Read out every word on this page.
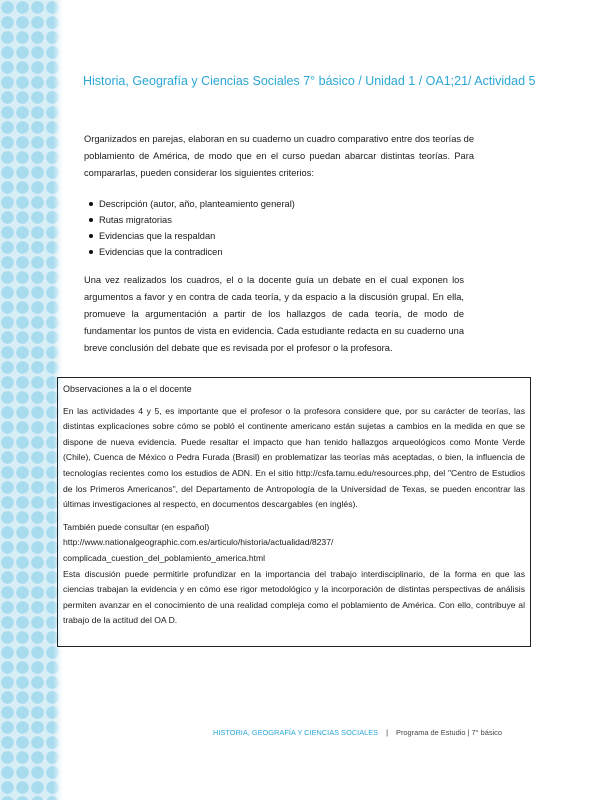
Historia, Geografía y Ciencias Sociales 7° básico / Unidad 1 / OA1;21/ Actividad 5

Organizados en parejas, elaboran en su cuaderno un cuadro comparativo entre dos teorías de poblamiento de América, de modo que en el curso puedan abarcar distintas teorías. Para compararlas, pueden considerar los siguientes criterios:

Descripción (autor, año, planteamiento general)
Rutas migratorias
Evidencias que la respaldan
Evidencias que la contradicen

Una vez realizados los cuadros, el o la docente guía un debate en el cual exponen los argumentos a favor y en contra de cada teoría, y da espacio a la discusión grupal. En ella, promueve la argumentación a partir de los hallazgos de cada teoría, de modo de fundamentar los puntos de vista en evidencia. Cada estudiante redacta en su cuaderno una breve conclusión del debate que es revisada por el profesor o la profesora.

Observaciones a la o el docente

En las actividades 4 y 5, es importante que el profesor o la profesora considere que, por su carácter de teorías, las distintas explicaciones sobre cómo se pobló el continente americano están sujetas a cambios en la medida en que se dispone de nueva evidencia. Puede resaltar el impacto que han tenido hallazgos arqueológicos como Monte Verde (Chile), Cuenca de México o Pedra Furada (Brasil) en problematizar las teorías más aceptadas, o bien, la influencia de tecnologías recientes como los estudios de ADN. En el sitio http://csfa.tamu.edu/resources.php, del "Centro de Estudios de los Primeros Americanos", del Departamento de Antropología de la Universidad de Texas, se pueden encontrar las últimas investigaciones al respecto, en documentos descargables (en inglés).

También puede consultar (en español)

http://www.nationalgeographic.com.es/articulo/historia/actualidad/8237/

complicada_cuestion_del_poblamiento_america.html

Esta discusión puede permitirle profundizar en la importancia del trabajo interdisciplinario, de la forma en que las ciencias trabajan la evidencia y en cómo ese rigor metodológico y la incorporación de distintas perspectivas de análisis permiten avanzar en el conocimiento de una realidad compleja como el poblamiento de América. Con ello, contribuye al trabajo de la actitud del OA D.

HISTORIA, GEOGRAFÍA Y CIENCIAS SOCIALES | Programa de Estudio | 7° básico
